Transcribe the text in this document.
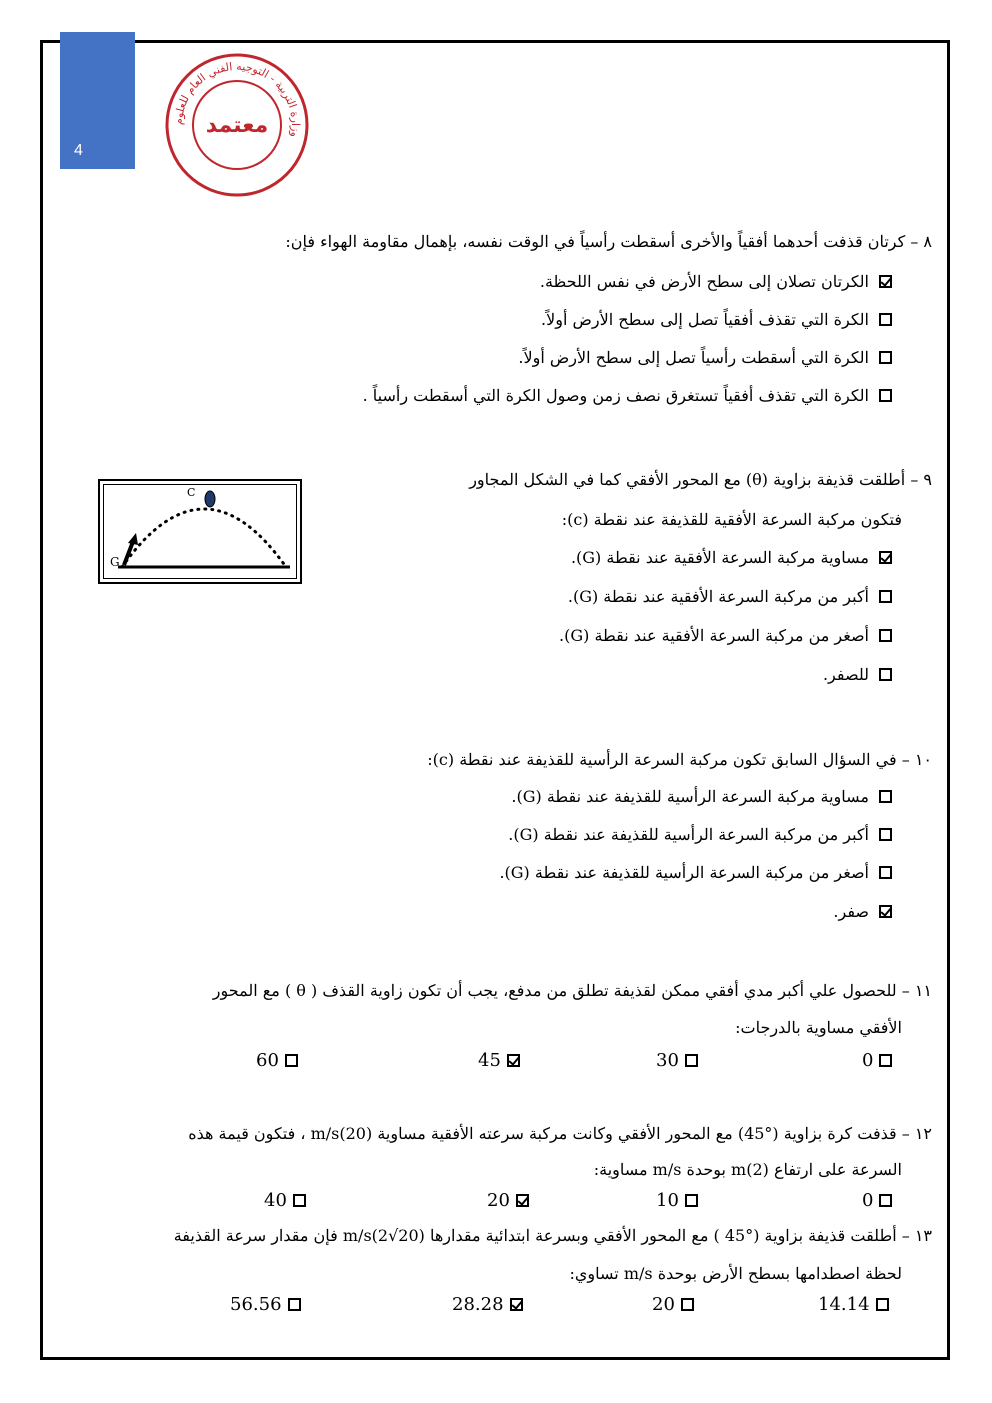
4
وزارة التربية - التوجيه الفني العام للعلوم
معتمد
٨ – كرتان قذفت أحدهما أفقياً والأخرى أسقطت رأسياً في الوقت نفسه، بإهمال مقاومة الهواء فإن:
الكرتان تصلان إلى سطح الأرض في نفس اللحظة.
الكرة التي تقذف أفقياً تصل إلى سطح الأرض أولاً.
الكرة التي أسقطت رأسياً تصل إلى سطح الأرض أولاً.
الكرة التي تقذف أفقياً تستغرق نصف زمن وصول الكرة التي أسقطت رأسياً .
٩ – أطلقت قذيفة بزاوية (θ) مع المحور الأفقي كما في الشكل المجاور
فتكون مركبة السرعة الأفقية للقذيفة عند نقطة (c):
مساوية مركبة السرعة الأفقية عند نقطة (G).
أكبر من مركبة السرعة الأفقية عند نقطة (G).
أصغر من مركبة السرعة الأفقية عند نقطة (G).
للصفر.
C
G
١٠ – في السؤال السابق تكون مركبة السرعة الرأسية للقذيفة عند نقطة (c):
مساوية مركبة السرعة الرأسية للقذيفة عند نقطة (G).
أكبر من مركبة السرعة الرأسية للقذيفة عند نقطة (G).
أصغر من مركبة السرعة الرأسية للقذيفة عند نقطة (G).
صفر.
١١ – للحصول علي أكبر مدي أفقي ممكن لقذيفة تطلق من مدفع، يجب أن تكون زاوية القذف ( θ ) مع المحور
الأفقي مساوية بالدرجات:
0
30
45
60
١٢ – قذفت كرة بزاوية (°45) مع المحور الأفقي وكانت مركبة سرعته الأفقية مساوية (20)m/s ، فتكون قيمة هذه
السرعة على ارتفاع (2)m بوحدة m/s مساوية:
0
10
20
40
١٣ – أطلقت قذيفة بزاوية (°45 ) مع المحور الأفقي وبسرعة ابتدائية مقدارها (20√2)m/s فإن مقدار سرعة القذيفة
لحظة اصطدامها بسطح الأرض بوحدة m/s تساوي:
14.14
20
28.28
56.56
